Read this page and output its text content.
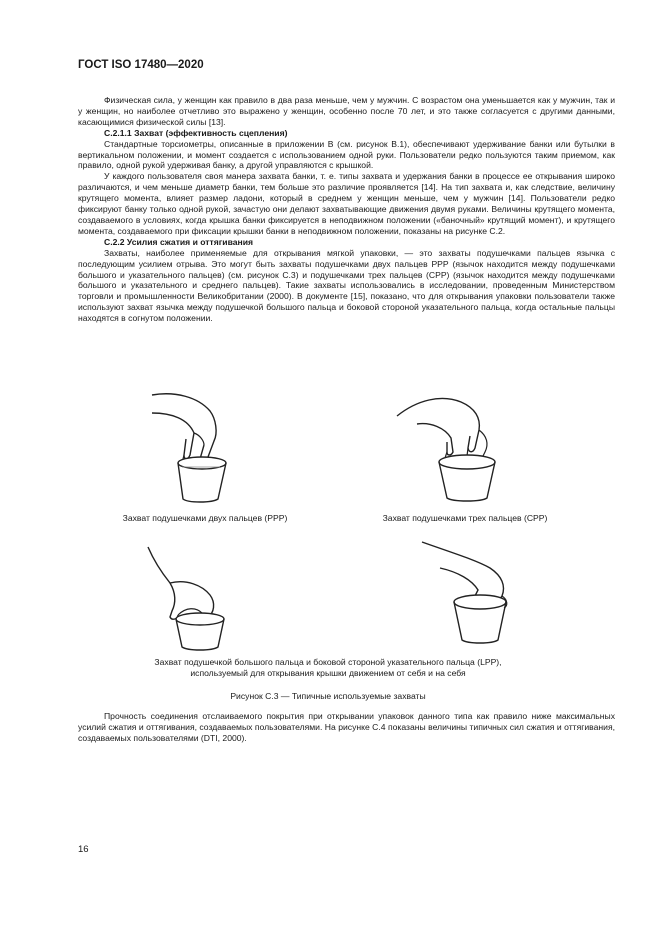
ГОСТ ISO 17480—2020

Физическая сила, у женщин как правило в два раза меньше, чем у мужчин. С возрастом она уменьшается как у мужчин, так и у женщин, но наиболее отчетливо это выражено у женщин, особенно после 70 лет, и это также согласуется с другими данными, касающимися физической силы [13].

С.2.1.1 Захват (эффективность сцепления)

Стандартные торсиометры, описанные в приложении В (см. рисунок В.1), обеспечивают удерживание банки или бутылки в вертикальном положении, и момент создается с использованием одной руки. Пользователи редко пользуются таким приемом, как правило, одной рукой удерживая банку, а другой управляются с крышкой.

У каждого пользователя своя манера захвата банки, т. е. типы захвата и удержания банки в процессе ее открывания широко различаются, и чем меньше диаметр банки, тем больше это различие проявляется [14]. На тип захвата и, как следствие, величину крутящего момента, влияет размер ладони, который в среднем у женщин меньше, чем у мужчин [14]. Пользователи редко фиксируют банку только одной рукой, зачастую они делают захватывающие движения двумя руками. Величины крутящего момента, создаваемого в условиях, когда крышка банки фиксируется в неподвижном положении («баночный» крутящий момент), и крутящего момента, создаваемого при фиксации крышки банки в неподвижном положении, показаны на рисунке С.2.

С.2.2 Усилия сжатия и оттягивания

Захваты, наиболее применяемые для открывания мягкой упаковки, — это захваты подушечками пальцев язычка с последующим усилием отрыва. Это могут быть захваты подушечками двух пальцев РРР (язычок находится между подушечками большого и указательного пальцев) (см. рисунок С.3) и подушечками трех пальцев (СРР) (язычок находится между подушечками большого и указательного и среднего пальцев). Такие захваты использовались в исследовании, проведенным Министерством торговли и промышленности Великобритании (2000). В документе [15], показано, что для открывания упаковки пользователи также используют захват язычка между подушечкой большого пальца и боковой стороной указательного пальца, когда остальные пальцы находятся в согнутом положении.

Захват подушечками двух пальцев (РРР)	Захват подушечками трех пальцев (СРР)
Захват подушечкой большого пальца и боковой стороной указательного пальца (LPP),
используемый для открывания крышки движением от себя и на себя
Рисунок С.3 — Типичные используемые захваты

Прочность соединения отслаиваемого покрытия при открывании упаковок данного типа как правило ниже максимальных усилий сжатия и оттягивания, создаваемых пользователями. На рисунке С.4 показаны величины типичных сил сжатия и оттягивания, создаваемых пользователями (DTI, 2000).

16
